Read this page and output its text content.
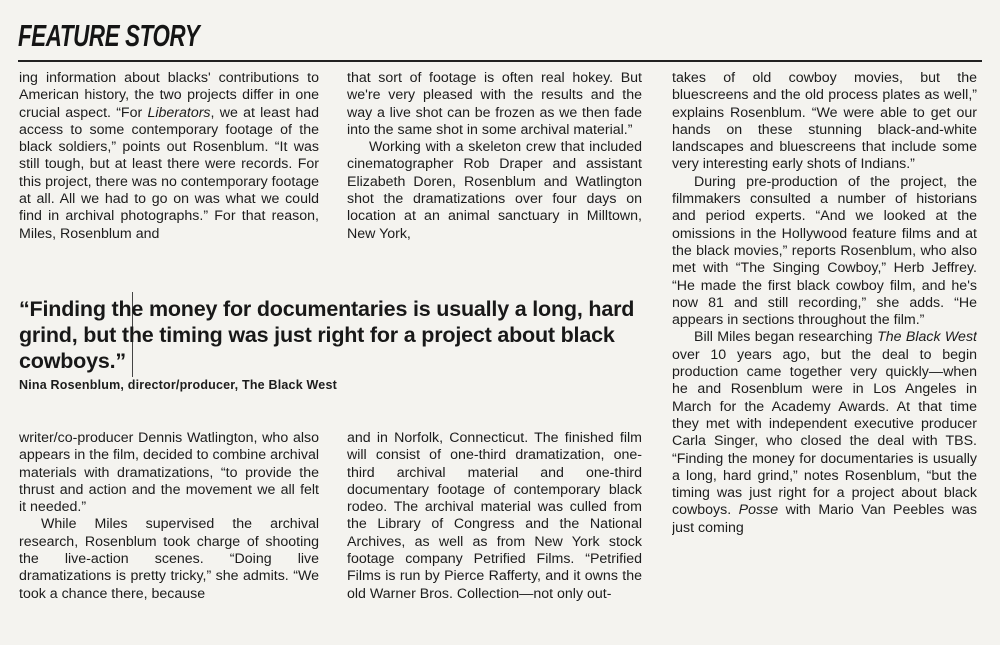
FEATURE STORY

ing information about blacks' contributions to American history, the two projects differ in one crucial aspect. “For Liberators, we at least had access to some contemporary footage of the black soldiers,” points out Rosenblum. “It was still tough, but at least there were records. For this project, there was no contemporary footage at all. All we had to go on was what we could find in archival photographs.” For that reason, Miles, Rosenblum and

that sort of footage is often real hokey. But we're very pleased with the results and the way a live shot can be frozen as we then fade into the same shot in some archival material.”

Working with a skeleton crew that included cinematographer Rob Draper and assistant Elizabeth Doren, Rosenblum and Watlington shot the dramatizations over four days on location at an animal sanctuary in Milltown, New York,

takes of old cowboy movies, but the bluescreens and the old process plates as well,” explains Rosenblum. “We were able to get our hands on these stunning black-and-white landscapes and bluescreens that include some very interesting early shots of Indians.”

During pre-production of the project, the filmmakers consulted a number of historians and period experts. “And we looked at the omissions in the Hollywood feature films and at the black movies,” reports Rosenblum, who also met with “The Singing Cowboy,” Herb Jeffrey. “He made the first black cowboy film, and he's now 81 and still recording,” she adds. “He appears in sections throughout the film.”

Bill Miles began researching The Black West over 10 years ago, but the deal to begin production came together very quickly—when he and Rosenblum were in Los Angeles in March for the Academy Awards. At that time they met with independent executive producer Carla Singer, who closed the deal with TBS. “Finding the money for documentaries is usually a long, hard grind,” notes Rosenblum, “but the timing was just right for a project about black cowboys. Posse with Mario Van Peebles was just coming

“Finding the money for documentaries is usually a long, hard grind, but the timing was just right for a project about black cowboys.”
Nina Rosenblum, director/producer, The Black West

writer/co-producer Dennis Watlington, who also appears in the film, decided to combine archival materials with dramatizations, “to provide the thrust and action and the movement we all felt it needed.”

While Miles supervised the archival research, Rosenblum took charge of shooting the live-action scenes. “Doing live dramatizations is pretty tricky,” she admits. “We took a chance there, because

and in Norfolk, Connecticut. The finished film will consist of one-third dramatization, one-third archival material and one-third documentary footage of contemporary black rodeo. The archival material was culled from the Library of Congress and the National Archives, as well as from New York stock footage company Petrified Films. “Petrified Films is run by Pierce Rafferty, and it owns the old Warner Bros. Collection—not only out-
